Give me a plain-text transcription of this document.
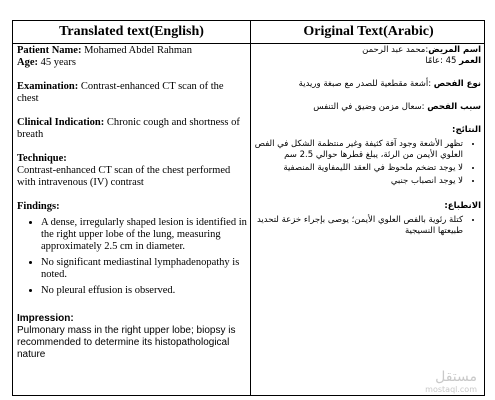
Translated text(English)	Original Text(Arabic)

Patient Name: Mohamed Abdel Rahman

Age: 45 years

Examination: Contrast-enhanced CT scan of the chest

Clinical Indication: Chronic cough and shortness of breath

Technique:

Contrast-enhanced CT scan of the chest performed with intravenous (IV) contrast

Findings:

• A dense, irregularly shaped lesion is identified in the right upper lobe of the lung, measuring approximately 2.5 cm in diameter.
• No significant mediastinal lymphadenopathy is noted.
• No pleural effusion is observed.

Impression:

Pulmonary mass in the right upper lobe; biopsy is recommended to determine its histopathological nature

اسم المريض:محمد عبد الرحمن

العمر 45 :عامًا

نوع الفحص :أشعة مقطعية للصدر مع صبغة وريدية

سبب الفحص :سعال مزمن وضيق في التنفس

النتائج:

• تظهر الأشعة وجود آفة كثيفة وغير منتظمة الشكل في الفص العلوي الأيمن من الرئة، يبلغ قطرها حوالي 2.5 سم
• لا يوجد تضخم ملحوظ في العقد الليمفاوية المنصفية
• لا يوجد انصباب جنبي

الانطباع:

• كتلة رئوية بالفص العلوي الأيمن؛ يوصى بإجراء خزعة لتحديد طبيعتها النسيجية
مستقل
mostaql.com
